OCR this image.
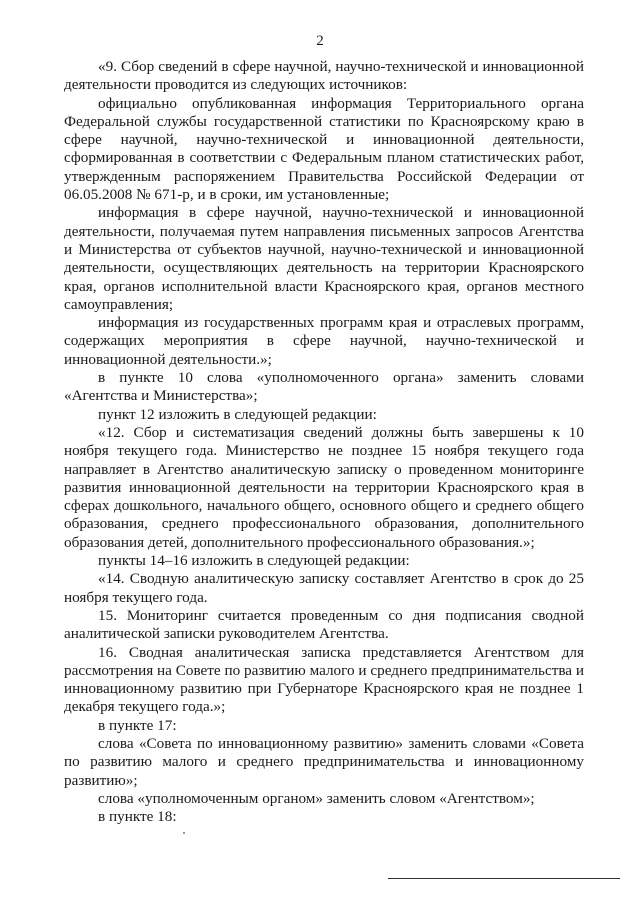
2

«9. Сбор сведений в сфере научной, научно-технической и инновационной деятельности проводится из следующих источников:

официально опубликованная информация Территориального органа Федеральной службы государственной статистики по Красноярскому краю в сфере научной, научно-технической и инновационной деятельности, сформированная в соответствии с Федеральным планом статистических работ, утвержденным распоряжением Правительства Российской Федерации от 06.05.2008 № 671-р, и в сроки, им установленные;

информация в сфере научной, научно-технической и инновационной деятельности, получаемая путем направления письменных запросов Агентства и Министерства от субъектов научной, научно-технической и инновационной деятельности, осуществляющих деятельность на территории Красноярского края, органов исполнительной власти Красноярского края, органов местного самоуправления;

информация из государственных программ края и отраслевых программ, содержащих мероприятия в сфере научной, научно-технической и инновационной деятельности.»;

в пункте 10 слова «уполномоченного органа» заменить словами «Агентства и Министерства»;

пункт 12 изложить в следующей редакции:

«12. Сбор и систематизация сведений должны быть завершены к 10 ноября текущего года. Министерство не позднее 15 ноября текущего года направляет в Агентство аналитическую записку о проведенном мониторинге развития инновационной деятельности на территории Красноярского края в сферах дошкольного, начального общего, основного общего и среднего общего образования, среднего профессионального образования, дополнительного образования детей, дополнительного профессионального образования.»;

пункты 14–16 изложить в следующей редакции:

«14. Сводную аналитическую записку составляет Агентство в срок до 25 ноября текущего года.

15. Мониторинг считается проведенным со дня подписания сводной аналитической записки руководителем Агентства.

16. Сводная аналитическая записка представляется Агентством для рассмотрения на Совете по развитию малого и среднего предпринимательства и инновационному развитию при Губернаторе Красноярского края не позднее 1 декабря текущего года.»;

в пункте 17:

слова «Совета по инновационному развитию» заменить словами «Совета по развитию малого и среднего предпринимательства и инновационному развитию»;

слова «уполномоченным органом» заменить словом «Агентством»;

в пункте 18:
